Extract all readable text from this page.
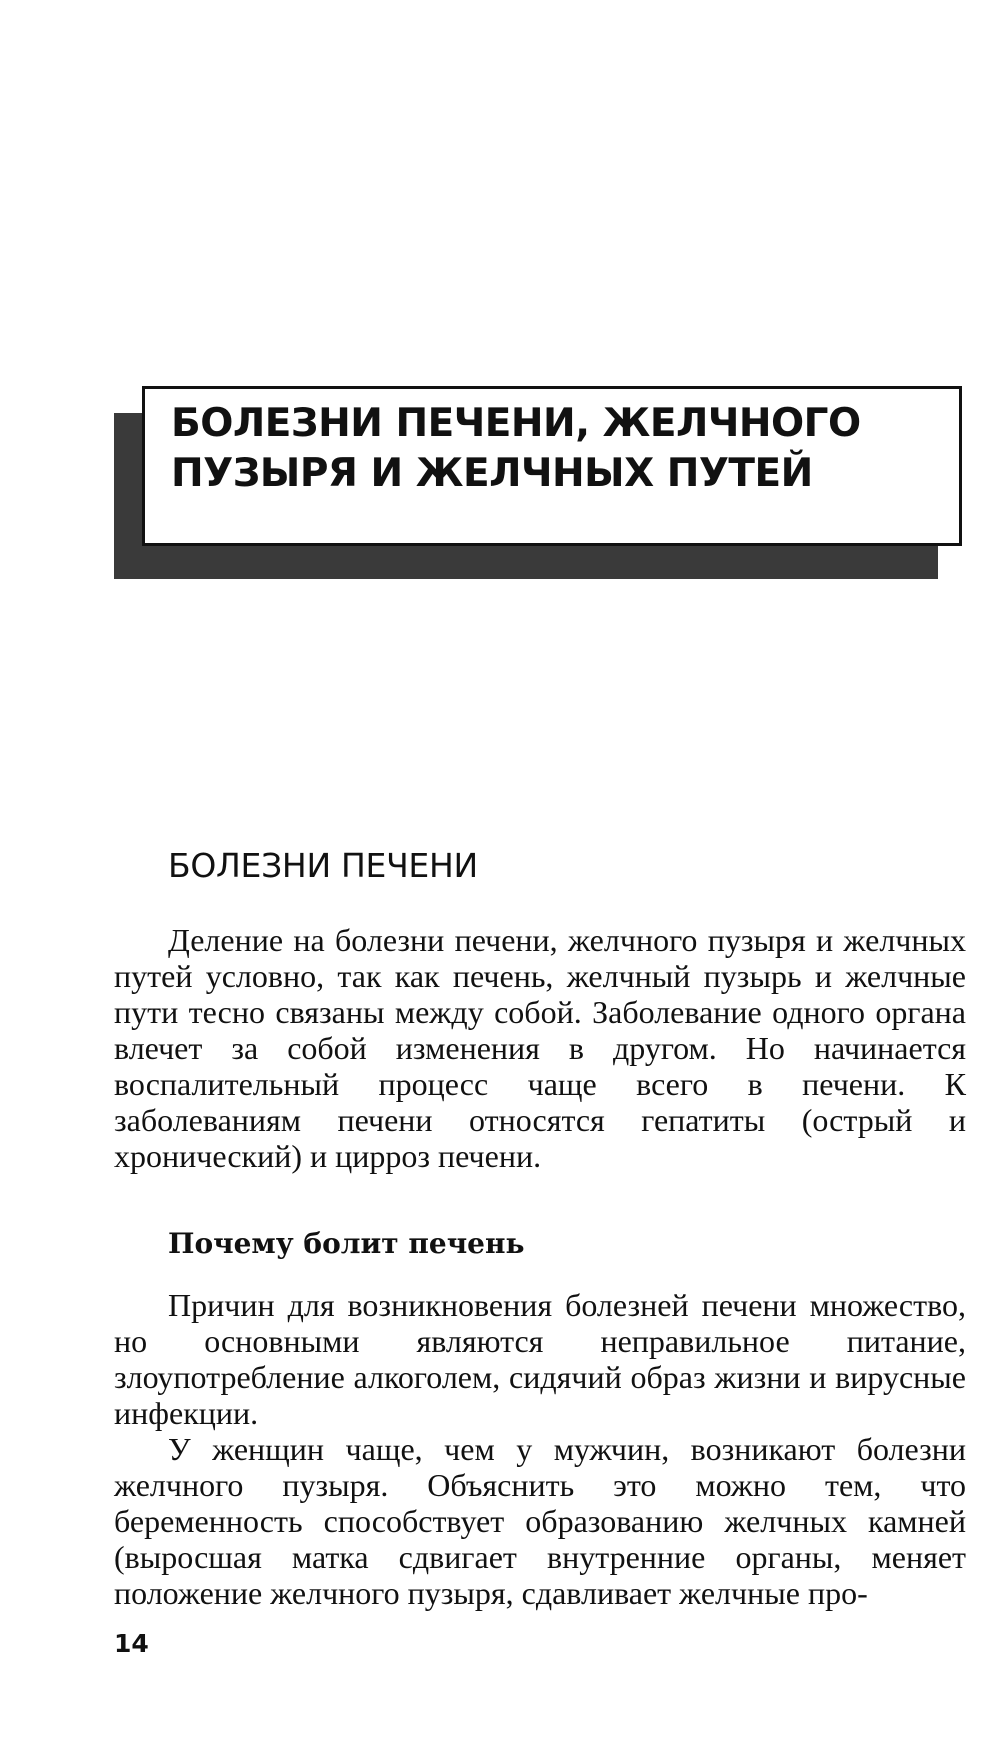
БОЛЕЗНИ ПЕЧЕНИ, ЖЕЛЧНОГО
ПУЗЫРЯ И ЖЕЛЧНЫХ ПУТЕЙ
БОЛЕЗНИ ПЕЧЕНИ

Деление на болезни печени, желчного пузыря и желчных путей условно, так как печень, желчный пузырь и желчные пути тесно связаны между собой. Заболевание одного органа влечет за собой изменения в другом. Но начинается воспалительный процесс чаще всего в печени. К заболеваниям печени относятся гепатиты (острый и хронический) и цирроз печени.

Почему болит печень

Причин для возникновения болезней печени множество, но основными являются неправильное питание, злоупотребление алкоголем, сидячий образ жизни и вирусные инфекции.

У женщин чаще, чем у мужчин, возникают болезни желчного пузыря. Объяснить это можно тем, что беременность способствует образованию желчных камней (выросшая матка сдвигает внутренние органы, меняет положение желчного пузыря, сдавливает желчные про-

14
